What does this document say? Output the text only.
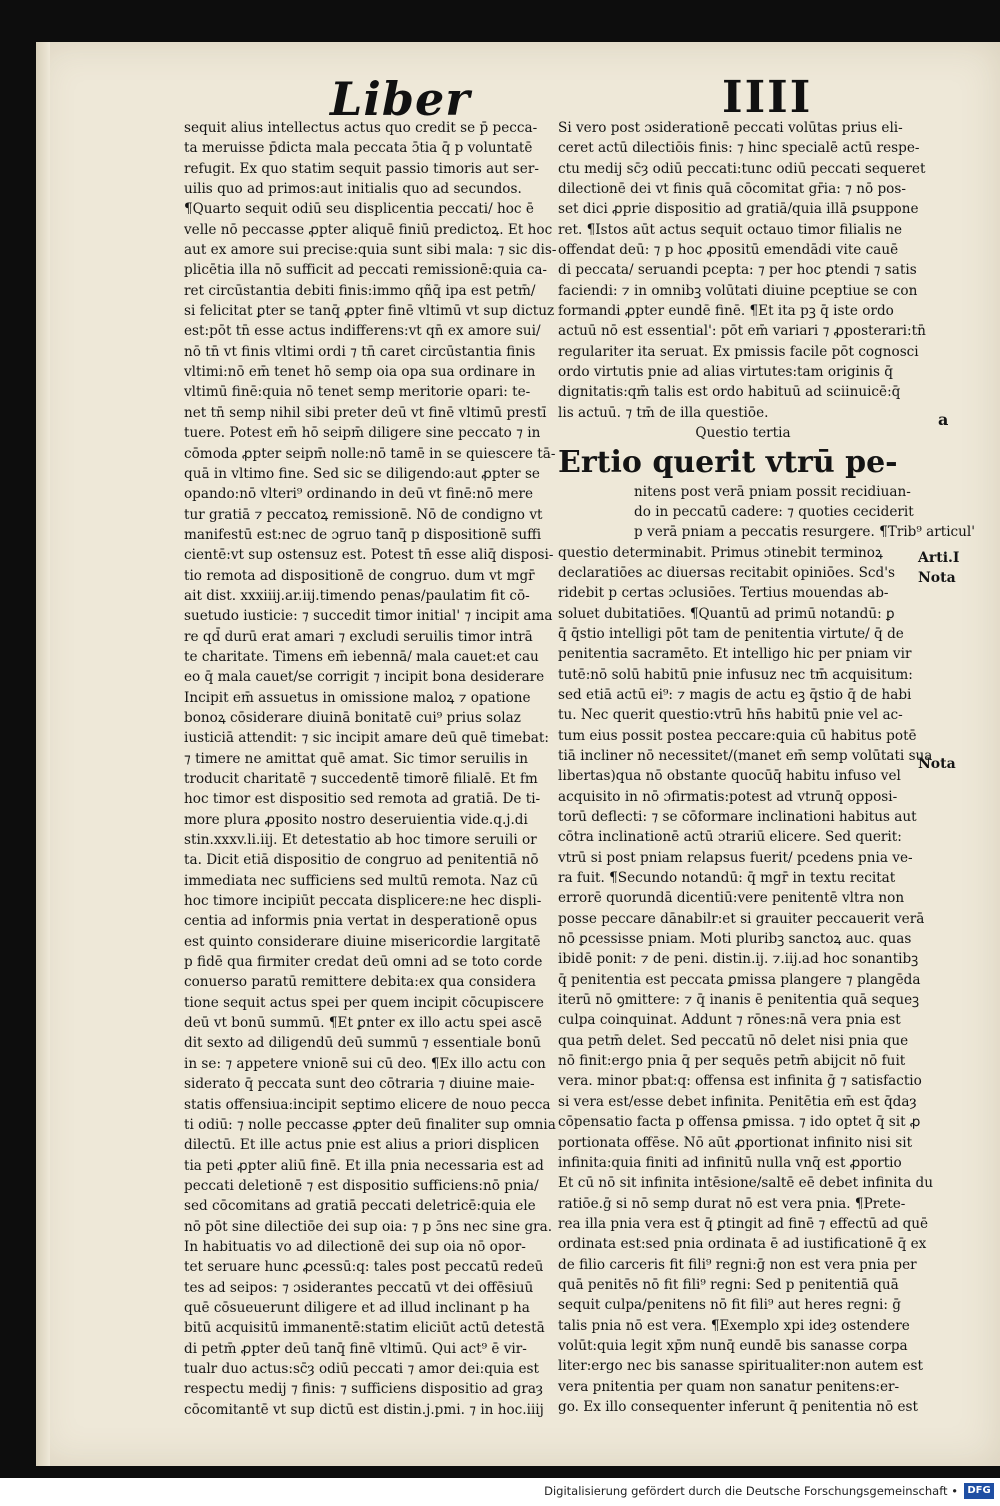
Liber	IIII
sequit alius intellectus actus quo credit se p̄ pecca-
ta meruisse p̄dicta mala peccata ɔ̄tia q̄ p voluntatē
refugit. Ex quo statim sequit passio timoris aut ser-
uilis quo ad primos:aut initialis quo ad secundos.
¶Quarto sequit odiū seu displicentia peccati/ hoc ē
velle nō peccasse ꝓpter aliquē finiū predictoꝝ. Et hoc
aut ex amore sui precise:quia sunt sibi mala: ⁊ sic dis-
plicētia illa nō sufficit ad peccati remissionē:quia ca-
ret circūstantia debiti finis:immo qñq̄ ipa est petm̄/
si felicitat ꝑter se tanq̄ ꝓpter finē vltimū vt sup dictuz
est:pōt tn̄ esse actus indifferens:vt qn̄ ex amore sui/
nō tn̄ vt finis vltimi ordi ⁊ tn̄ caret circūstantia finis
vltimi:nō em̄ tenet hō semp oia opa sua ordinare in
vltimū finē:quia nō tenet semp meritorie opari: te-
net tn̄ semp nihil sibi preter deū vt finē vltimū prestī
tuere. Potest em̄ hō seipm̄ diligere sine peccato ⁊ in
cōmoda ꝓpter seipm̄ nolle:nō tamē in se quiescere tā-
quā in vltimo fine. Sed sic se diligendo:aut ꝓpter se
opando:nō vlteri⁹ ordinando in deū vt finē:nō mere
tur gratiā ⁊ peccatoꝝ remissionē. Nō de condigno vt
manifestū est:nec de ɔgruo tanq̄ p dispositionē suffi
cientē:vt sup ostensuz est. Potest tn̄ esse aliq̄ disposi-
tio remota ad dispositionē de congruo. dum vt mgr̄
ait dist. xxxiiij.ar.iij.timendo penas/paulatim fit cō-
suetudo iusticie: ⁊ succedit timor initial' ⁊ incipit ama
re qd̄ durū erat amari ⁊ excludi seruilis timor intrā
te charitate. Timens em̄ iebennā/ mala cauet:et cau
eo q̄ mala cauet/se corrigit ⁊ incipit bona desiderare
Incipit em̄ assuetus in omissione maloꝝ ⁊ opatione
bonoꝝ cōsiderare diuinā bonitatē cui⁹ prius solaz
iusticiā attendit: ⁊ sic incipit amare deū quē timebat:
⁊ timere ne amittat quē amat. Sic timor seruilis in
troducit charitatē ⁊ succedentē timorē filialē. Et fm
hoc timor est dispositio sed remota ad gratiā. De ti-
more plura ꝓposito nostro deseruientia vide.q.j.di
stin.xxxv.li.iij. Et detestatio ab hoc timore seruili or
ta. Dicit etiā dispositio de congruo ad penitentiā nō
immediata nec sufficiens sed multū remota. Naz cū
hoc timore incipiūt peccata displicere:ne hec displi-
centia ad informis pnia vertat in desperationē opus
est quinto considerare diuine misericordie largitatē
p fidē qua firmiter credat deū omni ad se toto corde
conuerso paratū remittere debita:ex qua considera
tione sequit actus spei per quem incipit cōcupiscere
deū vt bonū summū. ¶Et ꝑnter ex illo actu spei ascē
dit sexto ad diligendū deū summū ⁊ essentiale bonū
in se: ⁊ appetere vnionē sui cū deo. ¶Ex illo actu con
siderato q̄ peccata sunt deo cōtraria ⁊ diuine maie-
statis offensiua:incipit septimo elicere de nouo pecca
ti odiū: ⁊ nolle peccasse ꝓpter deū finaliter sup omnia
dilectū. Et ille actus pnie est alius a priori displicen
tia peti ꝓpter aliū finē. Et illa pnia necessaria est ad
peccati deletionē ⁊ est dispositio sufficiens:nō pnia/
sed cōcomitans ad gratiā peccati deletricē:quia ele
nō pōt sine dilectiōe dei sup oia: ⁊ p ɔ̄ns nec sine gra.
In habituatis vo ad dilectionē dei sup oia nō opor-
tet seruare hunc ꝓcessū:q: tales post peccatū redeū
tes ad seipos: ⁊ ɔsiderantes peccatū vt dei offēsiuū
quē cōsueuerunt diligere et ad illud inclinant p ha
bitū acquisitū immanentē:statim eliciūt actū detestā
di petm̄ ꝓpter deū tanq̄ finē vltimū. Qui act⁹ ē vir-
tualr duo actus:sc̄ȝ odiū peccati ⁊ amor dei:quia est
respectu medij ⁊ finis: ⁊ sufficiens dispositio ad graȝ
cōcomitantē vt sup dictū est distin.j.pmi. ⁊ in hoc.iiij
Si vero post ɔsiderationē peccati volūtas prius eli-
ceret actū dilectiōis finis: ⁊ hinc specialē actū respe-
ctu medij sc̄ȝ odiū peccati:tunc odiū peccati sequeret
dilectionē dei vt finis quā cōcomitat gr̄ia: ⁊ nō pos-
set dici ꝓprie dispositio ad gratiā/quia illā ꝑsuppone
ret. ¶Istos aūt actus sequit octauo timor filialis ne
offendat deū: ⁊ p hoc ꝓpositū emendādi vite cauē
di peccata/ seruandi pcepta: ⁊ per hoc ꝑtendi ⁊ satis
faciendi: ⁊ in omnibꝫ volūtati diuine pceptiue se con
formandi ꝓpter eundē finē. ¶Et ita pꝫ q̄ iste ordo
actuū nō est essential': pōt em̄ variari ⁊ ꝓposterari:tn̄
regulariter ita seruat. Ex pmissis facile pōt cognosci
ordo virtutis pnie ad alias virtutes:tam originis q̄
dignitatis:qm̄ talis est ordo habituū ad sciinuicē:q̄
lis actuū. ⁊ tm̄ de illa questiōe.
Questio tertia
Ertio querit vtrū pe-
nitens post verā pniam possit recidiuan-
do in peccatū cadere: ⁊ quoties ceciderit
p verā pniam a peccatis resurgere. ¶Trib⁹ articul'
questio determinabit. Primus ɔtinebit terminoꝝ
declaratiōes ac diuersas recitabit opiniōes. Scd's
ridebit p certas ɔclusiōes. Tertius mouendas ab-
soluet dubitatiōes. ¶Quantū ad primū notandū: ꝑ
q̄ q̄stio intelligi pōt tam de penitentia virtute/ q̄ de
penitentia sacramēto. Et intelligo hic per pniam vir
tutē:nō solū habitū pnie infusuz nec tm̄ acquisitum:
sed etiā actū ei⁹: ⁊ magis de actu eꝫ q̄stio q̄ de habi
tu. Nec querit questio:vtrū hn̄s habitū pnie vel ac-
tum eius possit postea peccare:quia cū habitus potē
tiā incliner nō necessitet/(manet em̄ semp volūtati sua
libertas)qua nō obstante quocūq̄ habitu infuso vel
acquisito in nō ɔfirmatis:potest ad vtrunq̄ opposi-
torū deflecti: ⁊ se cōformare inclinationi habitus aut
cōtra inclinationē actū ɔtrariū elicere. Sed querit:
vtrū si post pniam relapsus fuerit/ pcedens pnia ve-
ra fuit. ¶Secundo notandū: q̄ mgr̄ in textu recitat
errorē quorundā dicentiū:vere penitentē vltra non
posse peccare dānabilr:et si grauiter peccauerit verā
nō ꝑcessisse pniam. Moti pluribꝫ sanctoꝝ auc. quas
ibidē ponit: ⁊ de peni. distin.ij. ⁊.iij.ad hoc sonantibꝫ
q̄ penitentia est peccata ꝑmissa plangere ⁊ plangēda
iterū nō ꝯmittere: ⁊ q̄ inanis ē penitentia quā sequeꝫ
culpa coinquinat. Addunt ⁊ rōnes:nā vera pnia est
qua petm̄ delet. Sed peccatū nō delet nisi pnia que
nō finit:ergo pnia q̄ per sequēs petm̄ abijcit nō fuit
vera. minor pbat:q: offensa est infinita ḡ ⁊ satisfactio
si vera est/esse debet infinita. Penitētia em̄ est q̄daȝ
cōpensatio facta p offensa ꝑmissa. ⁊ ido optet q̄ sit ꝓ
portionata offēse. Nō aūt ꝓportionat infinito nisi sit
infinita:quia finiti ad infinitū nulla vnq̄ est ꝓportio
Et cū nō sit infinita intēsione/saltē eē debet infinita du
ratiōe.ḡ si nō semp durat nō est vera pnia. ¶Prete-
rea illa pnia vera est q̄ ꝑtingit ad finē ⁊ effectū ad quē
ordinata est:sed pnia ordinata ē ad iustificationē q̄ ex
de filio carceris fit fili⁹ regni:ḡ non est vera pnia per
quā penitēs nō fit fili⁹ regni: Sed p penitentiā quā
sequit culpa/penitens nō fit fili⁹ aut heres regni: ḡ
talis pnia nō est vera. ¶Exemplo xpi ideȝ ostendere
volūt:quia legit xp̄m nunq̄ eundē bis sanasse corpa
liter:ergo nec bis sanasse spiritualiter:non autem est
vera pnitentia per quam non sanatur penitens:er-
go. Ex illo consequenter inferunt q̄ penitentia nō est
a
Arti.I
Nota
Nota
Digitalisierung gefördert durch die Deutsche Forschungsgemeinschaft • DFG
